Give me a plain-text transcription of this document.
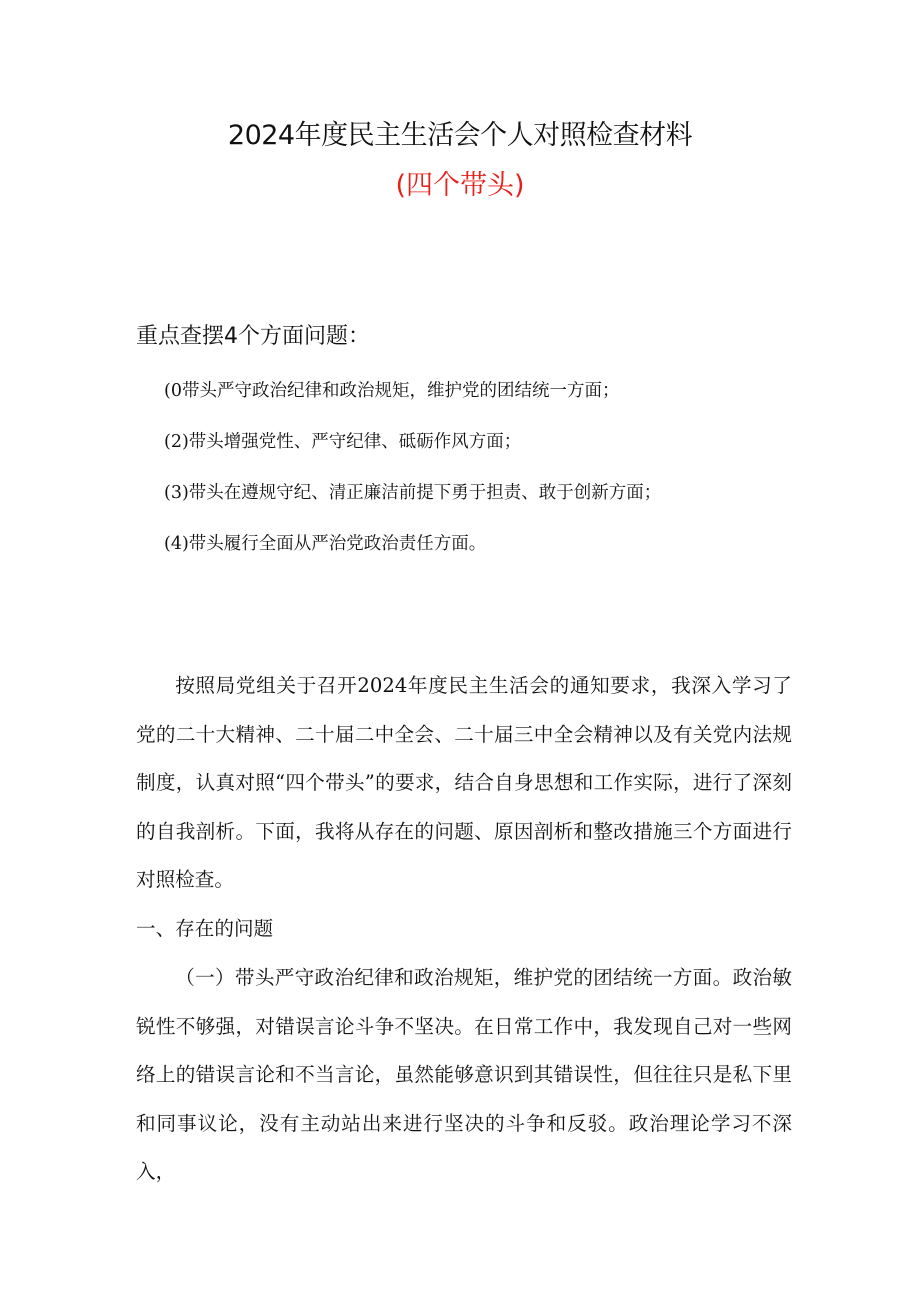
2024年度民主生活会个人对照检查材料
(四个带头)
重点查摆4个方面问题：
(0带头严守政治纪律和政治规矩，维护党的团结统一方面；
(2)带头增强党性、严守纪律、砥砺作风方面；
(3)带头在遵规守纪、清正廉洁前提下勇于担责、敢于创新方面；
(4)带头履行全面从严治党政治责任方面。

按照局党组关于召开2024年度民主生活会的通知要求，我深入学习了党的二十大精神、二十届二中全会、二十届三中全会精神以及有关党内法规制度，认真对照“四个带头”的要求，结合自身思想和工作实际，进行了深刻的自我剖析。下面，我将从存在的问题、原因剖析和整改措施三个方面进行对照检查。

一、存在的问题

（一）带头严守政治纪律和政治规矩，维护党的团结统一方面。政治敏锐性不够强，对错误言论斗争不坚决。在日常工作中，我发现自己对一些网络上的错误言论和不当言论，虽然能够意识到其错误性，但往往只是私下里和同事议论，没有主动站出来进行坚决的斗争和反驳。政治理论学习不深入，
